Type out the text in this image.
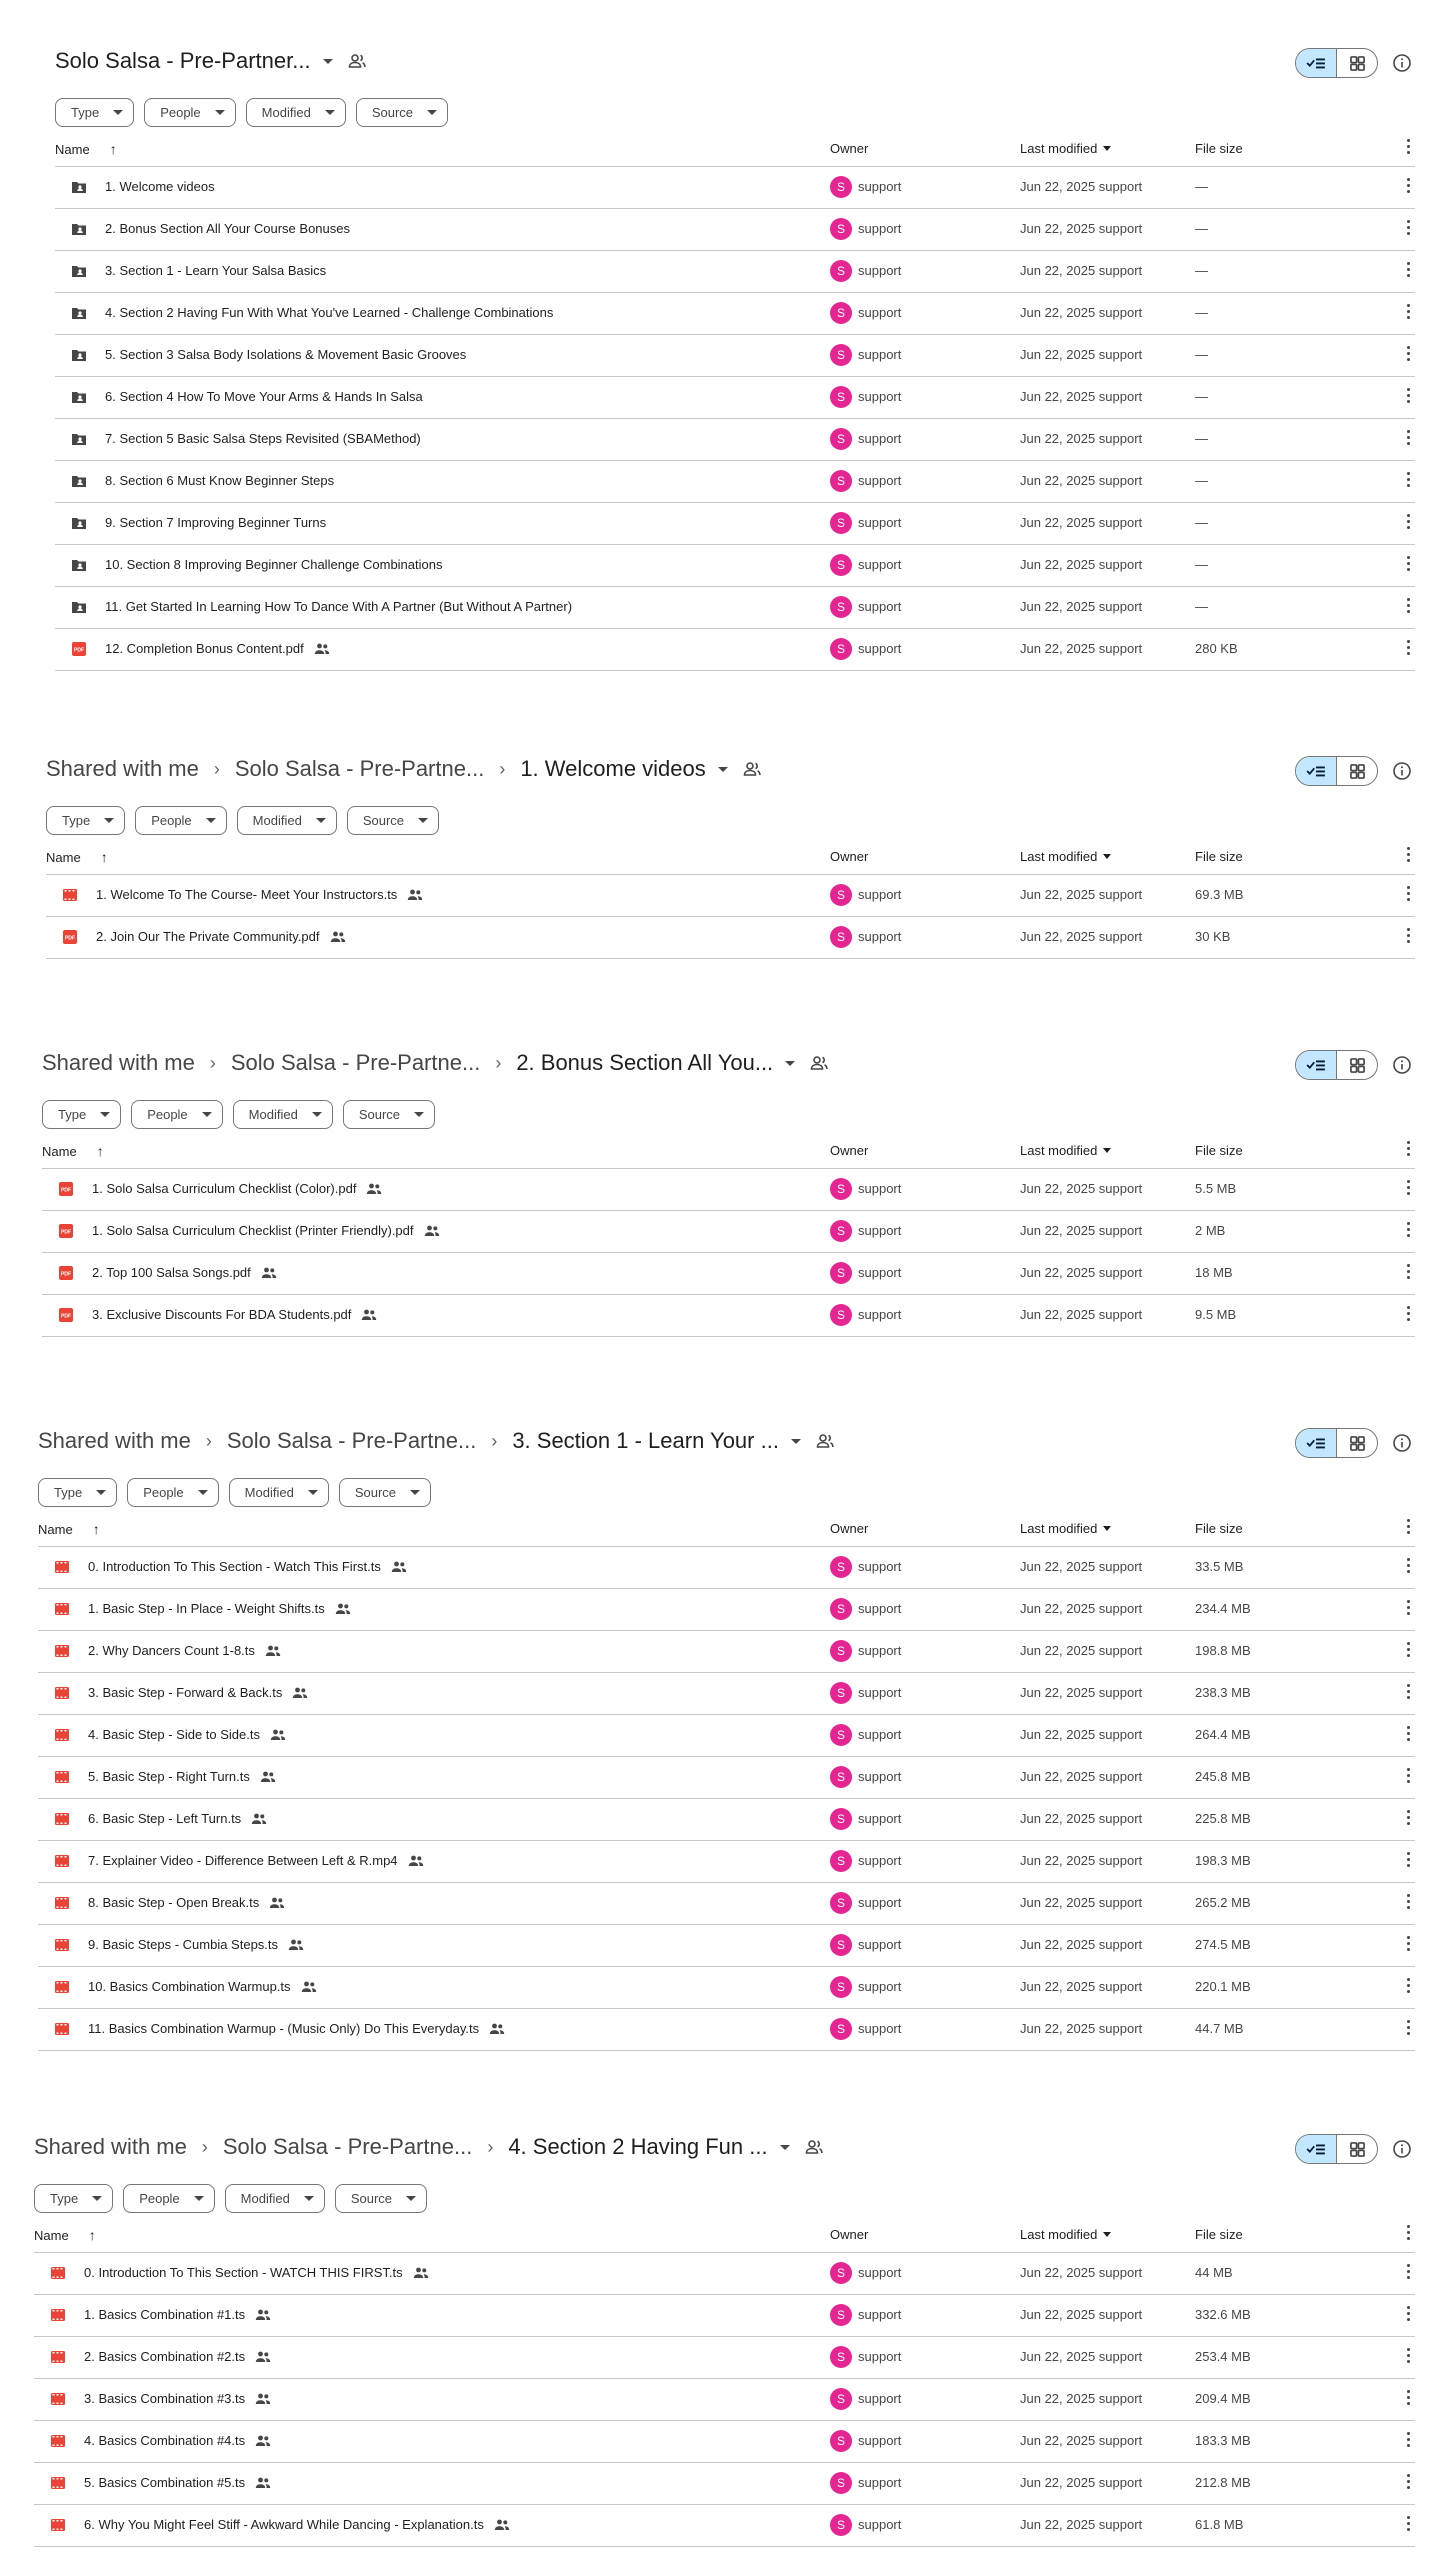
Solo Salsa - Pre-Partner...
Type	People	Modified	Source
Name ↑	Owner	Last modified	File size
1. Welcome videos	S	support	Jun 22, 2025 support	—
2. Bonus Section All Your Course Bonuses	S	support	Jun 22, 2025 support	—
3. Section 1 - Learn Your Salsa Basics	S	support	Jun 22, 2025 support	—
4. Section 2 Having Fun With What You've Learned - Challenge Combinations	S	support	Jun 22, 2025 support	—
5. Section 3 Salsa Body Isolations & Movement Basic Grooves	S	support	Jun 22, 2025 support	—
6. Section 4 How To Move Your Arms & Hands In Salsa	S	support	Jun 22, 2025 support	—
7. Section 5 Basic Salsa Steps Revisited (SBAMethod)	S	support	Jun 22, 2025 support	—
8. Section 6 Must Know Beginner Steps	S	support	Jun 22, 2025 support	—
9. Section 7 Improving Beginner Turns	S	support	Jun 22, 2025 support	—
10. Section 8 Improving Beginner Challenge Combinations	S	support	Jun 22, 2025 support	—
11. Get Started In Learning How To Dance With A Partner (But Without A Partner)	S	support	Jun 22, 2025 support	—
PDF 12. Completion Bonus Content.pdf	S	support	Jun 22, 2025 support	280 KB
Shared with me › Solo Salsa - Pre-Partne... › 1. Welcome videos
Type	People	Modified	Source
Name ↑	Owner	Last modified	File size
1. Welcome To The Course- Meet Your Instructors.ts	S	support	Jun 22, 2025 support	69.3 MB
PDF 2. Join Our The Private Community.pdf	S	support	Jun 22, 2025 support	30 KB
Shared with me › Solo Salsa - Pre-Partne... › 2. Bonus Section All You...
Type	People	Modified	Source
Name ↑	Owner	Last modified	File size
PDF 1. Solo Salsa Curriculum Checklist (Color).pdf	S	support	Jun 22, 2025 support	5.5 MB
PDF 1. Solo Salsa Curriculum Checklist (Printer Friendly).pdf	S	support	Jun 22, 2025 support	2 MB
PDF 2. Top 100 Salsa Songs.pdf	S	support	Jun 22, 2025 support	18 MB
PDF 3. Exclusive Discounts For BDA Students.pdf	S	support	Jun 22, 2025 support	9.5 MB
Shared with me › Solo Salsa - Pre-Partne... › 3. Section 1 - Learn Your ...
Type	People	Modified	Source
Name ↑	Owner	Last modified	File size
0. Introduction To This Section - Watch This First.ts	S	support	Jun 22, 2025 support	33.5 MB
1. Basic Step - In Place - Weight Shifts.ts	S	support	Jun 22, 2025 support	234.4 MB
2. Why Dancers Count 1-8.ts	S	support	Jun 22, 2025 support	198.8 MB
3. Basic Step - Forward & Back.ts	S	support	Jun 22, 2025 support	238.3 MB
4. Basic Step - Side to Side.ts	S	support	Jun 22, 2025 support	264.4 MB
5. Basic Step - Right Turn.ts	S	support	Jun 22, 2025 support	245.8 MB
6. Basic Step - Left Turn.ts	S	support	Jun 22, 2025 support	225.8 MB
7. Explainer Video - Difference Between Left & R.mp4	S	support	Jun 22, 2025 support	198.3 MB
8. Basic Step - Open Break.ts	S	support	Jun 22, 2025 support	265.2 MB
9. Basic Steps - Cumbia Steps.ts	S	support	Jun 22, 2025 support	274.5 MB
10. Basics Combination Warmup.ts	S	support	Jun 22, 2025 support	220.1 MB
11. Basics Combination Warmup - (Music Only) Do This Everyday.ts	S	support	Jun 22, 2025 support	44.7 MB
Shared with me › Solo Salsa - Pre-Partne... › 4. Section 2 Having Fun ...
Type	People	Modified	Source
Name ↑	Owner	Last modified	File size
0. Introduction To This Section - WATCH THIS FIRST.ts	S	support	Jun 22, 2025 support	44 MB
1. Basics Combination #1.ts	S	support	Jun 22, 2025 support	332.6 MB
2. Basics Combination #2.ts	S	support	Jun 22, 2025 support	253.4 MB
3. Basics Combination #3.ts	S	support	Jun 22, 2025 support	209.4 MB
4. Basics Combination #4.ts	S	support	Jun 22, 2025 support	183.3 MB
5. Basics Combination #5.ts	S	support	Jun 22, 2025 support	212.8 MB
6. Why You Might Feel Stiff - Awkward While Dancing - Explanation.ts	S	support	Jun 22, 2025 support	61.8 MB
